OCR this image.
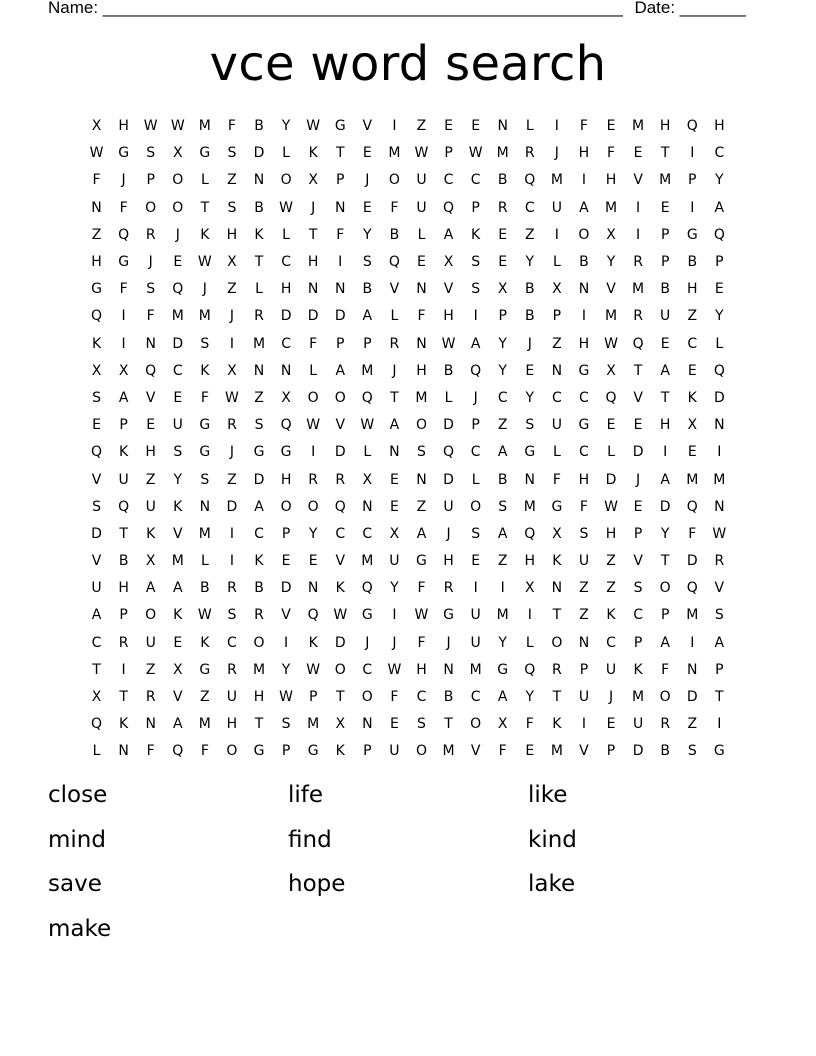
Name: _______________________________________________________ Date: _______
vce word search
X	H	W W	M	F	B	Y	W	G	V	I	Z	E	E	N	L	I	F	E	M	H	Q	H
W	G	S	X	G	S	D	L	K	T	E	M	W	P	W	M	R	J	H	F	E	T	I	C
F	J	P	O	L	Z	N	O	X	P	J	O	U	C	C	B	Q	M	I	H	V	M	P	Y
N	F	O	O	T	S	B	W	J	N	E	F	U	Q	P	R	C	U	A	M	I	E	I	A
Z	Q	R	J	K	H	K	L	T	F	Y	B	L	A	K	E	Z	I	O	X	I	P	G	Q
H	G	J	E	W	X	T	C	H	I	S	Q	E	X	S	E	Y	L	B	Y	R	P	B	P
G	F	S	Q	J	Z	L	H	N	N	B	V	N	V	S	X	B	X	N	V	M	B	H	E
Q	I	F	M	M	J	R	D	D	D	A	L	F	H	I	P	B	P	I	M	R	U	Z	Y
K	I	N	D	S	I	M	C	F	P	P	R	N	W	A	Y	J	Z	H	W	Q	E	C	L
X	X	Q	C	K	X	N	N	L	A	M	J	H	B	Q	Y	E	N	G	X	T	A	E	Q
S	A	V	E	F	W	Z	X	O	O	Q	T	M	L	J	C	Y	C	C	Q	V	T	K	D
E	P	E	U	G	R	S	Q	W	V	W	A	O	D	P	Z	S	U	G	E	E	H	X	N
Q	K	H	S	G	J	G	G	I	D	L	N	S	Q	C	A	G	L	C	L	D	I	E	I
V	U	Z	Y	S	Z	D	H	R	R	X	E	N	D	L	B	N	F	H	D	J	A	M	M
S	Q	U	K	N	D	A	O	O	Q	N	E	Z	U	O	S	M	G	F	W	E	D	Q	N
D	T	K	V	M	I	C	P	Y	C	C	X	A	J	S	A	Q	X	S	H	P	Y	F	W
V	B	X	M	L	I	K	E	E	V	M	U	G	H	E	Z	H	K	U	Z	V	T	D	R
U	H	A	A	B	R	B	D	N	K	Q	Y	F	R	I	I	X	N	Z	Z	S	O	Q	V
A	P	O	K	W	S	R	V	Q	W	G	I	W	G	U	M	I	T	Z	K	C	P	M	S
C	R	U	E	K	C	O	I	K	D	J	J	F	J	U	Y	L	O	N	C	P	A	I	A
T	I	Z	X	G	R	M	Y	W	O	C	W	H	N	M	G	Q	R	P	U	K	F	N	P
X	T	R	V	Z	U	H	W	P	T	O	F	C	B	C	A	Y	T	U	J	M	O	D	T
Q	K	N	A	M	H	T	S	M	X	N	E	S	T	O	X	F	K	I	E	U	R	Z	I
L	N	F	Q	F	O	G	P	G	K	P	U	O	M	V	F	E	M	V	P	D	B	S	G
close	life	like
mind	find	kind
save	hope	lake
make
